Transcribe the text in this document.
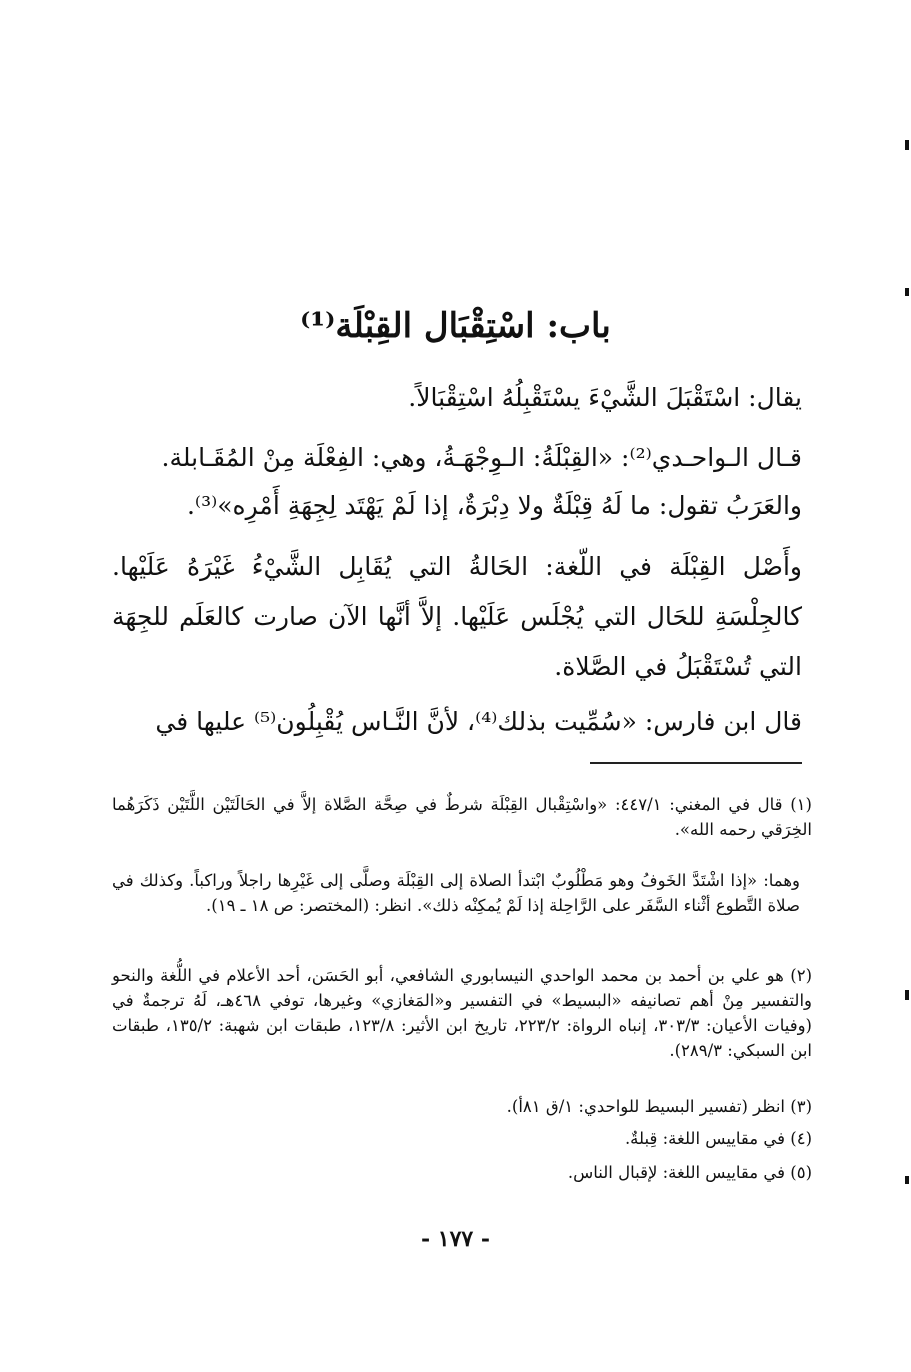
باب: اسْتِقْبَال القِبْلَة⁽¹⁾
يقال: اسْتَقْبَلَ الشَّيْءَ يسْتَقْبِلُهُ اسْتِقْبَالاً.
قـال الـواحـدي⁽²⁾: «القِبْلَةُ: الـوِجْهَـةُ، وهي: الفِعْلَة مِنْ المُقَـابلة.
والعَرَبُ تقول: ما لَهُ قِبْلَةٌ ولا دِبْرَةٌ، إذا لَمْ يَهْتَد لِجِهَةِ أَمْرِه»⁽³⁾.
وأَصْل القِبْلَة في اللّغة: الحَالةُ التي يُقَابِل الشَّيْءُ غَيْرَهُ عَلَيْها. كالجِلْسَةِ للحَال التي يُجْلَس عَلَيْها. إلاَّ أنَّها الآن صارت كالعَلَم للجِهَة التي تُسْتَقْبَلُ في الصَّلاة.
قال ابن فارس: «سُمِّيت بذلك⁽⁴⁾، لأنَّ النَّـاس يُقْبِلُون⁽⁵⁾ عليها في
(١) قال في المغني: ٤٤٧/١: «واسْتِقْبال القِبْلَة شرطٌ في صِحَّة الصَّلاة إلاَّ في الحَالَتَيْن اللَّتَيْن ذَكَرَهُما الخِرَقي رحمه الله».
وهما: «إذا اشْتَدَّ الخَوفُ وهو مَطْلُوبٌ ابْتدأ الصلاة إلى القِبْلَة وصلَّى إلى غَيْرِها راجلاً وراكباً. وكذلك في صلاة التَّطوع أثْناء السَّفَر على الرَّاحِلة إذا لَمْ يُمكِنْه ذلك». انظر: (المختصر: ص ١٨ ـ ١٩).
(٢) هو علي بن أحمد بن محمد الواحدي النيسابوري الشافعي، أبو الحَسَن، أحد الأعلام في اللُّغة والنحو والتفسير مِنْ أهم تصانيفه «البسيط» في التفسير و«المَغازي» وغيرها، توفي ٤٦٨هـ، لَهُ ترجمةٌ في (وفيات الأعيان: ٣٠٣/٣، إنباه الرواة: ٢٢٣/٢، تاريخ ابن الأثير: ١٢٣/٨، طبقات ابن شهبة: ١٣٥/٢، طبقات ابن السبكي: ٢٨٩/٣).
(٣) انظر (تفسير البسيط للواحدي: ١/ق ٨١أ).
(٤) في مقاييس اللغة: قِبلةٌ.
(٥) في مقاييس اللغة: لإقبال الناس.
- ١٧٧ -
